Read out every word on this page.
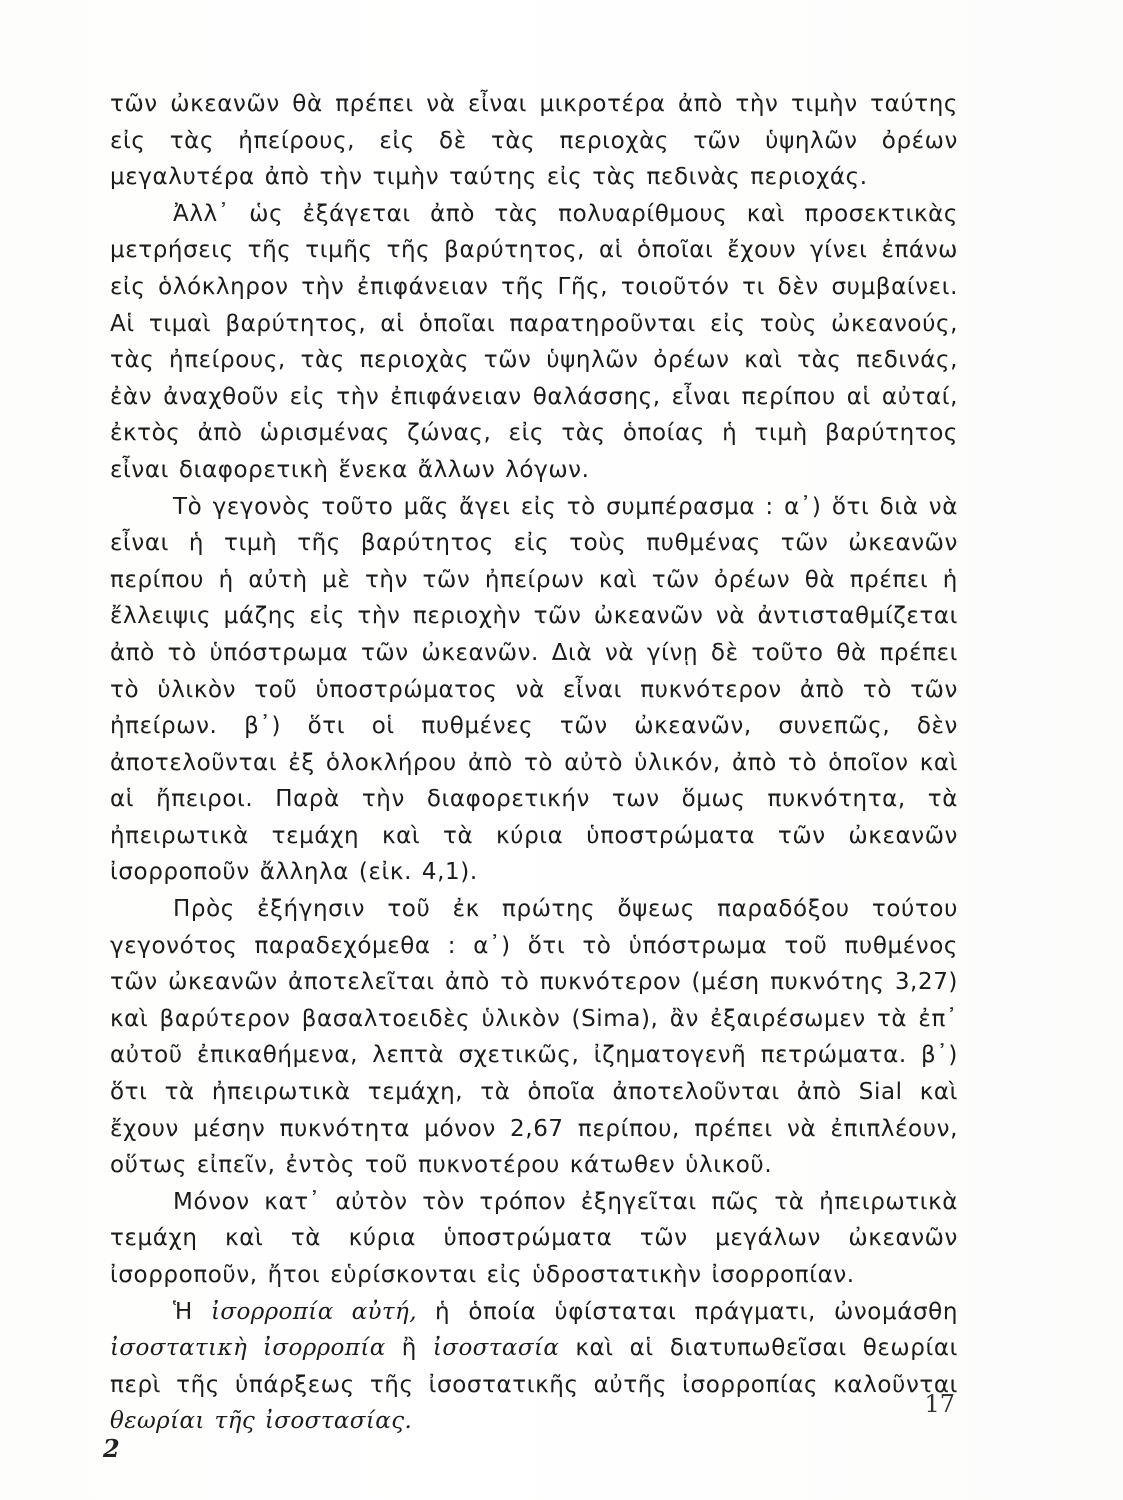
τῶν ὠκεανῶν θὰ πρέπει νὰ εἶναι μικροτέρα ἀπὸ τὴν τιμὴν ταύτης εἰς τὰς ἠπείρους, εἰς δὲ τὰς περιοχὰς τῶν ὑψηλῶν ὀρέων μεγαλυτέρα ἀπὸ τὴν τιμὴν ταύτης εἰς τὰς πεδινὰς περιοχάς.

Ἀλλ᾽ ὡς ἐξάγεται ἀπὸ τὰς πολυαρίθμους καὶ προσεκτικὰς μετρήσεις τῆς τιμῆς τῆς βαρύτητος, αἱ ὁποῖαι ἔχουν γίνει ἐπάνω εἰς ὁλόκληρον τὴν ἐπιφάνειαν τῆς Γῆς, τοιοῦτόν τι δὲν συμβαίνει. Αἱ τιμαὶ βαρύτητος, αἱ ὁποῖαι παρατηροῦνται εἰς τοὺς ὠκεανούς, τὰς ἠπείρους, τὰς περιοχὰς τῶν ὑψηλῶν ὀρέων καὶ τὰς πεδινάς, ἐὰν ἀναχθοῦν εἰς τὴν ἐπιφάνειαν θαλάσσης, εἶναι περίπου αἱ αὐταί, ἐκτὸς ἀπὸ ὡρισμένας ζώνας, εἰς τὰς ὁποίας ἡ τιμὴ βαρύτητος εἶναι διαφορετικὴ ἕνεκα ἄλλων λόγων.

Τὸ γεγονὸς τοῦτο μᾶς ἄγει εἰς τὸ συμπέρασμα : α᾽) ὅτι διὰ νὰ εἶναι ἡ τιμὴ τῆς βαρύτητος εἰς τοὺς πυθμένας τῶν ὠκεανῶν περίπου ἡ αὐτὴ μὲ τὴν τῶν ἠπείρων καὶ τῶν ὀρέων θὰ πρέπει ἡ ἔλλειψις μάζης εἰς τὴν περιοχὴν τῶν ὠκεανῶν νὰ ἀντισταθμίζεται ἀπὸ τὸ ὑπόστρωμα τῶν ὠκεανῶν. Διὰ νὰ γίνῃ δὲ τοῦτο θὰ πρέπει τὸ ὑλικὸν τοῦ ὑποστρώματος νὰ εἶναι πυκνότερον ἀπὸ τὸ τῶν ἠπείρων. β᾽) ὅτι οἱ πυθμένες τῶν ὠκεανῶν, συνεπῶς, δὲν ἀποτελοῦνται ἐξ ὁλοκλήρου ἀπὸ τὸ αὐτὸ ὑλικόν, ἀπὸ τὸ ὁποῖον καὶ αἱ ἤπειροι. Παρὰ τὴν διαφορετικήν των ὅμως πυκνότητα, τὰ ἠπειρωτικὰ τεμάχη καὶ τὰ κύρια ὑποστρώματα τῶν ὠκεανῶν ἰσορροποῦν ἄλληλα (εἰκ. 4,1).

Πρὸς ἐξήγησιν τοῦ ἐκ πρώτης ὄψεως παραδόξου τούτου γεγονότος παραδεχόμεθα : α᾽) ὅτι τὸ ὑπόστρωμα τοῦ πυθμένος τῶν ὠκεανῶν ἀποτελεῖται ἀπὸ τὸ πυκνότερον (μέση πυκνότης 3,27) καὶ βαρύτερον βασαλτοειδὲς ὑλικὸν (Sima), ἂν ἐξαιρέσωμεν τὰ ἐπ᾽ αὐτοῦ ἐπικαθήμενα, λεπτὰ σχετικῶς, ἰζηματογενῆ πετρώματα. β᾽) ὅτι τὰ ἠπειρωτικὰ τεμάχη, τὰ ὁποῖα ἀποτελοῦνται ἀπὸ Sial καὶ ἔχουν μέσην πυκνότητα μόνον 2,67 περίπου, πρέπει νὰ ἐπιπλέουν, οὕτως εἰπεῖν, ἐντὸς τοῦ πυκνοτέρου κάτωθεν ὑλικοῦ.

Μόνον κατ᾽ αὐτὸν τὸν τρόπον ἐξηγεῖται πῶς τὰ ἠπειρωτικὰ τεμάχη καὶ τὰ κύρια ὑποστρώματα τῶν μεγάλων ὠκεανῶν ἰσορροποῦν, ἤτοι εὑρίσκονται εἰς ὑδροστατικὴν ἰσορροπίαν.

Ἡ ἰσορροπία αὐτή, ἡ ὁποία ὑφίσταται πράγματι, ὠνομάσθη ἰσοστατικὴ ἰσορροπία ἢ ἰσοστασία καὶ αἱ διατυπωθεῖσαι θεωρίαι περὶ τῆς ὑπάρξεως τῆς ἰσοστατικῆς αὐτῆς ἰσορροπίας καλοῦνται θεωρίαι τῆς ἰσοστασίας.

17
2
